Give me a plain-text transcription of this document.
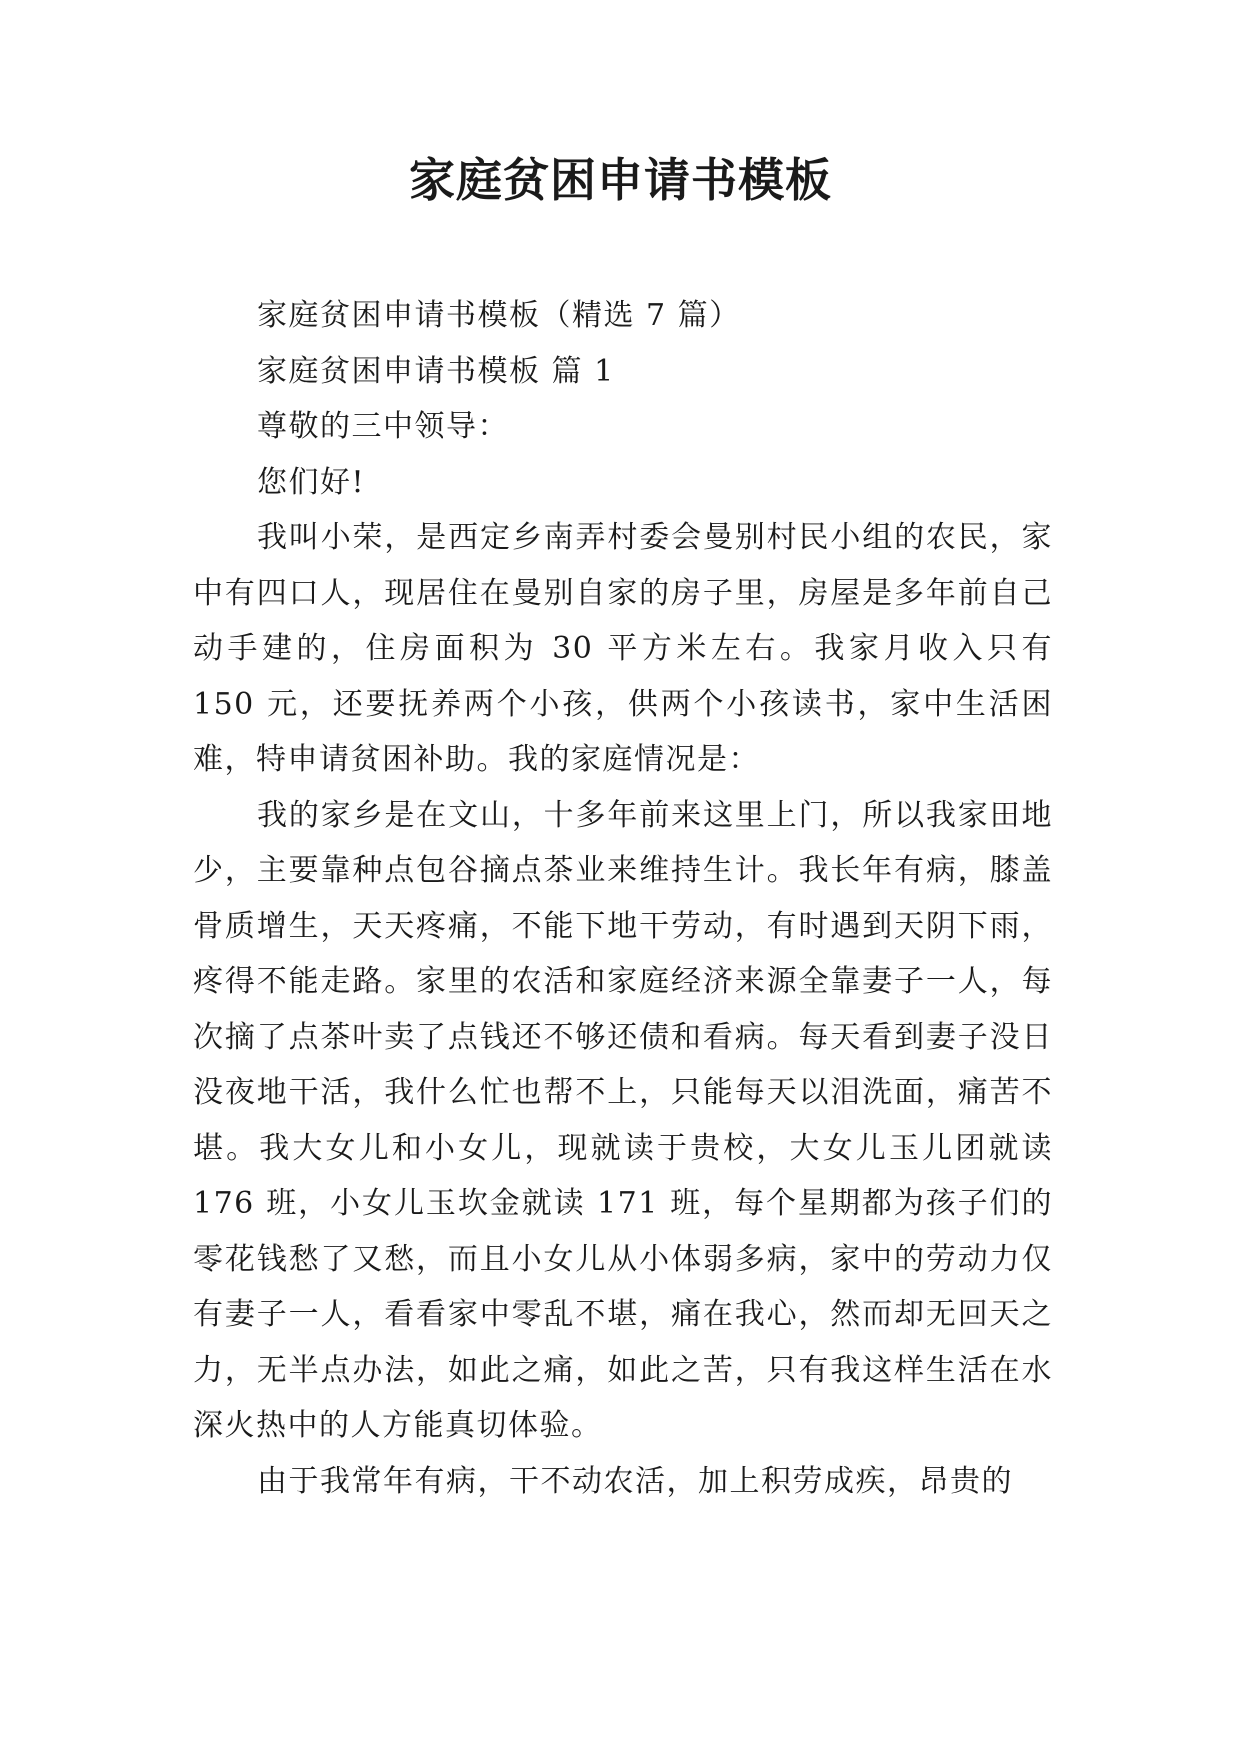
家庭贫困申请书模板

家庭贫困申请书模板（精选 7 篇）

家庭贫困申请书模板 篇 1

尊敬的三中领导：

您们好!

我叫小荣，是西定乡南弄村委会曼别村民小组的农民，家中有四口人，现居住在曼别自家的房子里，房屋是多年前自己动手建的，住房面积为 30 平方米左右。我家月收入只有 150 元，还要抚养两个小孩，供两个小孩读书，家中生活困难，特申请贫困补助。我的家庭情况是：

我的家乡是在文山，十多年前来这里上门，所以我家田地少，主要靠种点包谷摘点茶业来维持生计。我长年有病，膝盖骨质增生，天天疼痛，不能下地干劳动，有时遇到天阴下雨，疼得不能走路。家里的农活和家庭经济来源全靠妻子一人，每次摘了点茶叶卖了点钱还不够还债和看病。每天看到妻子没日没夜地干活，我什么忙也帮不上，只能每天以泪洗面，痛苦不堪。我大女儿和小女儿，现就读于贵校，大女儿玉儿团就读 176 班，小女儿玉坎金就读 171 班，每个星期都为孩子们的零花钱愁了又愁，而且小女儿从小体弱多病，家中的劳动力仅有妻子一人，看看家中零乱不堪，痛在我心，然而却无回天之力，无半点办法，如此之痛，如此之苦，只有我这样生活在水深火热中的人方能真切体验。

由于我常年有病，干不动农活，加上积劳成疾，昂贵的
